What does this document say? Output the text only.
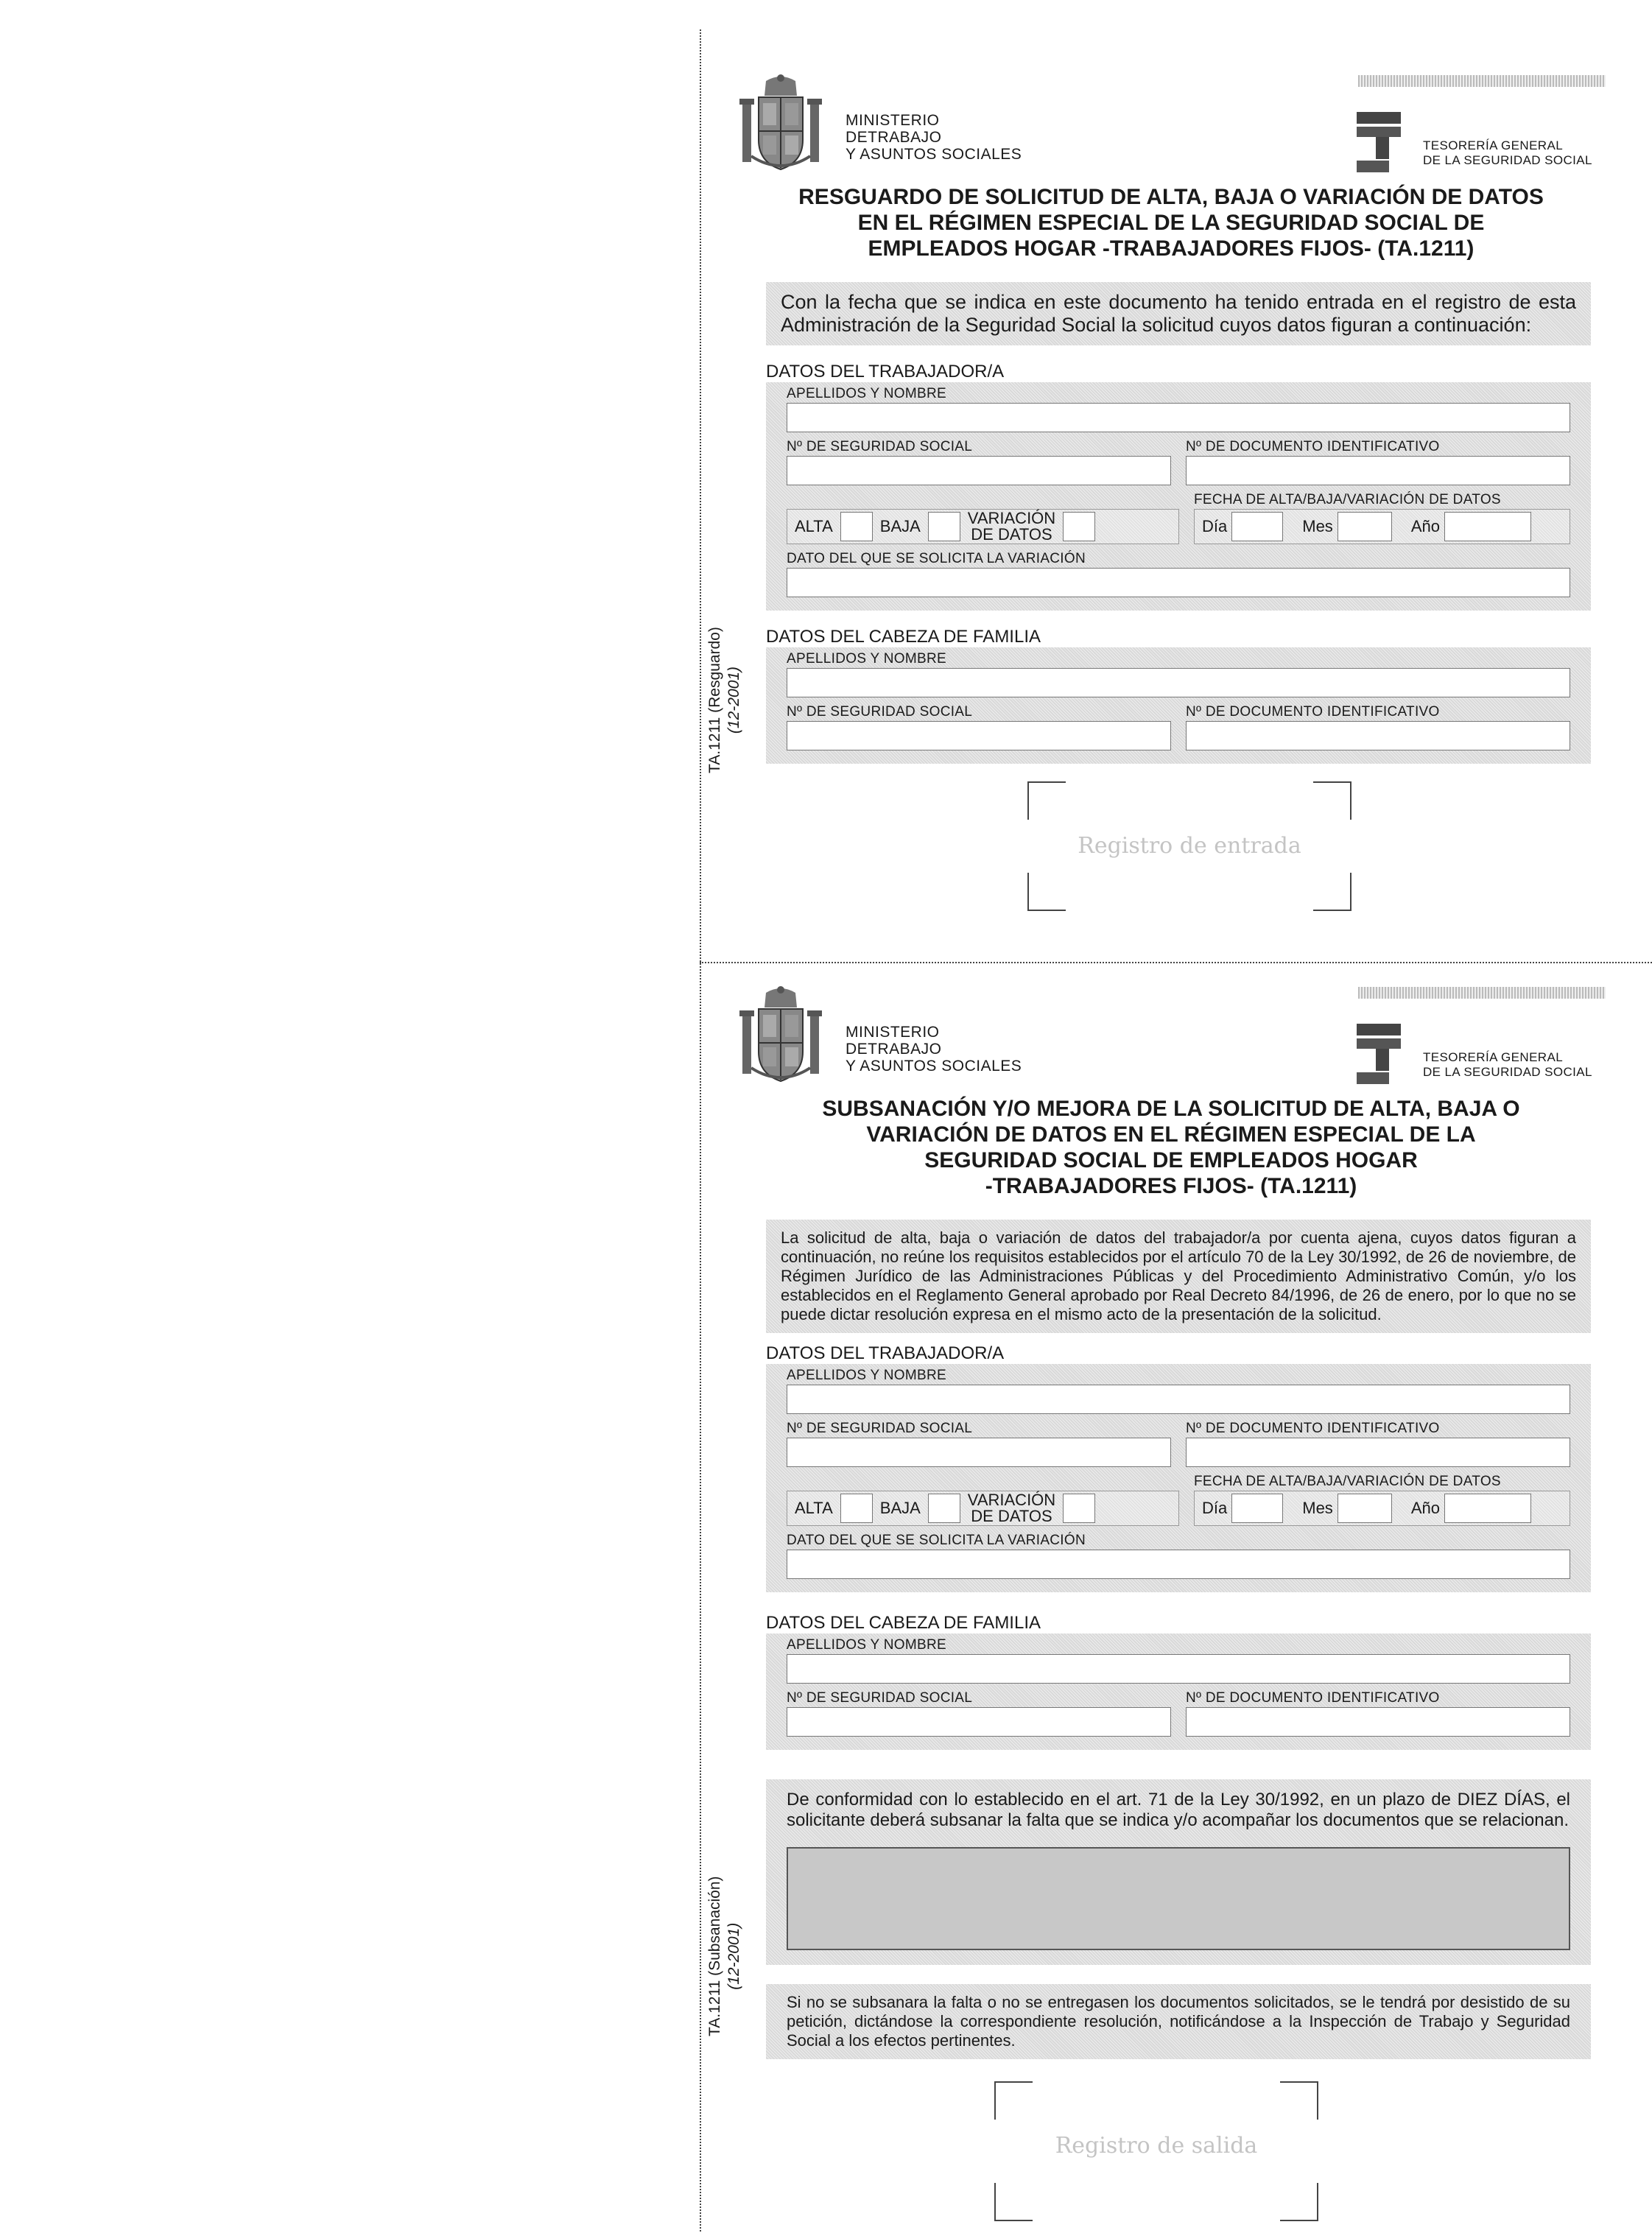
MINISTERIO
DETRABAJO
Y ASUNTOS SOCIALES
TESORERÍA GENERAL
DE LA SEGURIDAD SOCIAL
RESGUARDO DE SOLICITUD DE ALTA, BAJA O VARIACIÓN DE DATOS
EN EL RÉGIMEN ESPECIAL DE LA SEGURIDAD SOCIAL DE
EMPLEADOS HOGAR -TRABAJADORES FIJOS- (TA.1211)
Con la fecha que se indica en este documento ha tenido entrada en el registro de esta Administración de la Seguridad Social la solicitud cuyos datos figuran a continuación:
DATOS DEL TRABAJADOR/A
APELLIDOS Y NOMBRE
Nº DE SEGURIDAD SOCIAL	Nº DE DOCUMENTO IDENTIFICATIVO
ALTA	BAJA	VARIACIÓN
DE DATOS
FECHA DE ALTA/BAJA/VARIACIÓN DE DATOS
Día	Mes	Año
DATO DEL QUE SE SOLICITA LA VARIACIÓN
DATOS DEL CABEZA DE FAMILIA
APELLIDOS Y NOMBRE
Nº DE SEGURIDAD SOCIAL	Nº DE DOCUMENTO IDENTIFICATIVO
Registro de entrada
TA.1211 (Resguardo) (12-2001)
MINISTERIO
DETRABAJO
Y ASUNTOS SOCIALES
TESORERÍA GENERAL
DE LA SEGURIDAD SOCIAL
SUBSANACIÓN Y/O MEJORA DE LA SOLICITUD DE ALTA, BAJA O
VARIACIÓN DE DATOS EN EL RÉGIMEN ESPECIAL DE LA
SEGURIDAD SOCIAL DE EMPLEADOS HOGAR
-TRABAJADORES FIJOS- (TA.1211)
La solicitud de alta, baja o variación de datos del trabajador/a por cuenta ajena, cuyos datos figuran a continuación, no reúne los requisitos establecidos por el artículo 70 de la Ley 30/1992, de 26 de noviembre, de Régimen Jurídico de las Administraciones Públicas y del Procedimiento Administrativo Común, y/o los establecidos en el Reglamento General aprobado por Real Decreto 84/1996, de 26 de enero, por lo que no se puede dictar resolución expresa en el mismo acto de la presentación de la solicitud.
DATOS DEL TRABAJADOR/A
APELLIDOS Y NOMBRE
Nº DE SEGURIDAD SOCIAL	Nº DE DOCUMENTO IDENTIFICATIVO
ALTA	BAJA	VARIACIÓN
DE DATOS
FECHA DE ALTA/BAJA/VARIACIÓN DE DATOS
Día	Mes	Año
DATO DEL QUE SE SOLICITA LA VARIACIÓN
DATOS DEL CABEZA DE FAMILIA
APELLIDOS Y NOMBRE
Nº DE SEGURIDAD SOCIAL	Nº DE DOCUMENTO IDENTIFICATIVO

De conformidad con lo establecido en el art. 71 de la Ley 30/1992, en un plazo de DIEZ DÍAS, el solicitante deberá subsanar la falta que se indica y/o acompañar los documentos que se relacionan.

Si no se subsanara la falta o no se entregasen los documentos solicitados, se le tendrá por desistido de su petición, dictándose la correspondiente resolución, notificándose a la Inspección de Trabajo y Seguridad Social a los efectos pertinentes.
Registro de salida
TA.1211 (Subsanación) (12-2001)
